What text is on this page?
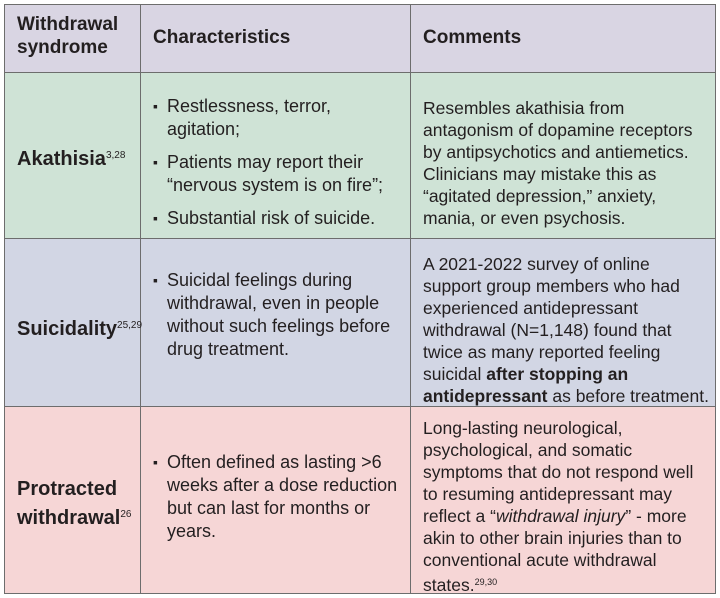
Withdrawal
syndrome	Characteristics	Comments
Akathisia$^{3,28}$
▪ Restlessness, terror, agitation;
▪ Patients may report their “nervous system is on fire”;
▪ Substantial risk of suicide.
Resembles akathisia from antagonism of dopamine receptors by antipsychotics and antiemetics. Clinicians may mistake this as “agitated depression,” anxiety, mania, or even psychosis.
Suicidality$^{25,29}$
▪ Suicidal feelings during withdrawal, even in people without such feelings before drug treatment.
A 2021-2022 survey of online support group members who had experienced antidepressant withdrawal (N=1,148) found that twice as many reported feeling suicidal after stopping an antidepressant as before treatment.
Protracted
withdrawal$^{26}$
▪ Often defined as lasting >6 weeks after a dose reduction but can last for months or years.
Long-lasting neurological, psychological, and somatic symptoms that do not respond well to resuming antidepressant may reflect a “withdrawal injury” - more akin to other brain injuries than to conventional acute withdrawal states.$^{29,30}$
